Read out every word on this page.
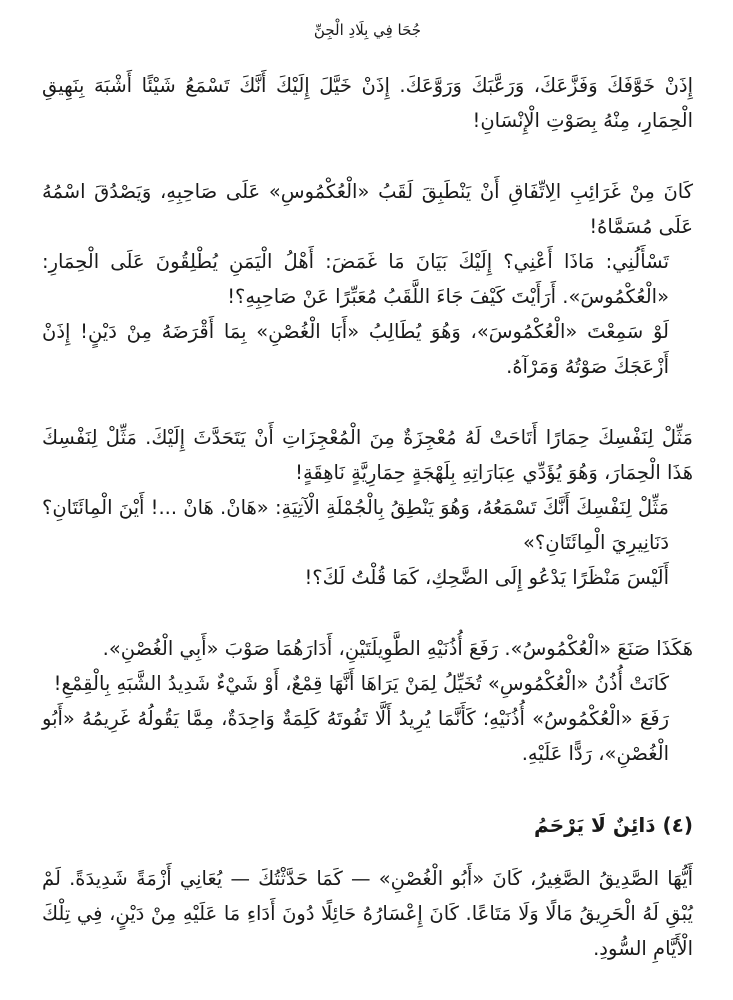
جُحَا فِي بِلَادِ الْجِنِّ

إِذَنْ خَوَّفَكَ وَفَزَّعَكَ، وَرَعَّبَكَ وَرَوَّعَكَ. إِذَنْ خَيَّلَ إِلَيْكَ أَنَّكَ تَسْمَعُ شَيْئًا أَشْبَهَ بِنَهِيقِ الْحِمَارِ، مِنْهُ بِصَوْتِ الْإِنْسَانِ!

كَانَ مِنْ غَرَائِبِ الِاتِّفَاقِ أَنْ يَنْطَبِقَ لَقَبُ «الْعُكْمُوسِ» عَلَى صَاحِبِهِ، وَيَصْدُقَ اسْمُهُ عَلَى مُسَمَّاهُ!

تَسْأَلُنِي: مَاذَا أَعْنِي؟ إِلَيْكَ بَيَانَ مَا غَمَضَ: أَهْلُ الْيَمَنِ يُطْلِقُونَ عَلَى الْحِمَارِ: «الْعُكْمُوسَ». أَرَأَيْتَ كَيْفَ جَاءَ اللَّقَبُ مُعَبِّرًا عَنْ صَاحِبِهِ؟!

لَوْ سَمِعْتَ «الْعُكْمُوسَ»، وَهُوَ يُطَالِبُ «أَبَا الْغُصْنِ» بِمَا أَقْرَضَهُ مِنْ دَيْنٍ! إِذَنْ أَزْعَجَكَ صَوْتُهُ وَمَرْآهُ.

مَثِّلْ لِنَفْسِكَ حِمَارًا أَتَاحَتْ لَهُ مُعْجِزَةٌ مِنَ الْمُعْجِزَاتِ أَنْ يَتَحَدَّثَ إِلَيْكَ. مَثِّلْ لِنَفْسِكَ هَذَا الْحِمَارَ، وَهُوَ يُؤَدِّي عِبَارَاتِهِ بِلَهْجَةٍ حِمَارِيَّةٍ نَاهِقَةٍ!

مَثِّلْ لِنَفْسِكَ أَنَّكَ تَسْمَعُهُ، وَهُوَ يَنْطِقُ بِالْجُمْلَةِ الْآتِيَةِ: «هَانْ. هَانْ ...! أَيْنَ الْمِائَتَانِ؟ دَنَانِيرِيَ الْمِائَتَانِ؟»

أَلَيْسَ مَنْظَرًا يَدْعُو إِلَى الضَّحِكِ، كَمَا قُلْتُ لَكَ؟!

هَكَذَا صَنَعَ «الْعُكْمُوسُ». رَفَعَ أُذُنَيْهِ الطَّوِيلَتَيْنِ، أَدَارَهُمَا صَوْبَ «أَبِي الْغُصْنِ».

كَانَتْ أُذُنُ «الْعُكْمُوسِ» تُخَيِّلُ لِمَنْ يَرَاهَا أَنَّهَا قِمْعٌ، أَوْ شَيْءٌ شَدِيدُ الشَّبَهِ بِالْقِمْعِ!

رَفَعَ «الْعُكْمُوسُ» أُذُنَيْهِ؛ كَأَنَّمَا يُرِيدُ أَلَّا تَفُوتَهُ كَلِمَةٌ وَاحِدَةٌ، مِمَّا يَقُولُهُ غَرِيمُهُ «أَبُو الْغُصْنِ»، رَدًّا عَلَيْهِ.

(٤) دَائِنٌ لَا يَرْحَمُ

أَيُّهَا الصَّدِيقُ الصَّغِيرُ، كَانَ «أَبُو الْغُصْنِ» — كَمَا حَدَّثْتُكَ — يُعَانِي أَزْمَةً شَدِيدَةً. لَمْ يُبْقِ لَهُ الْحَرِيقُ مَالًا وَلَا مَتَاعًا. كَانَ إِعْسَارُهُ حَائِلًا دُونَ أَدَاءِ مَا عَلَيْهِ مِنْ دَيْنٍ، فِي تِلْكَ الْأَيَّامِ السُّودِ.
